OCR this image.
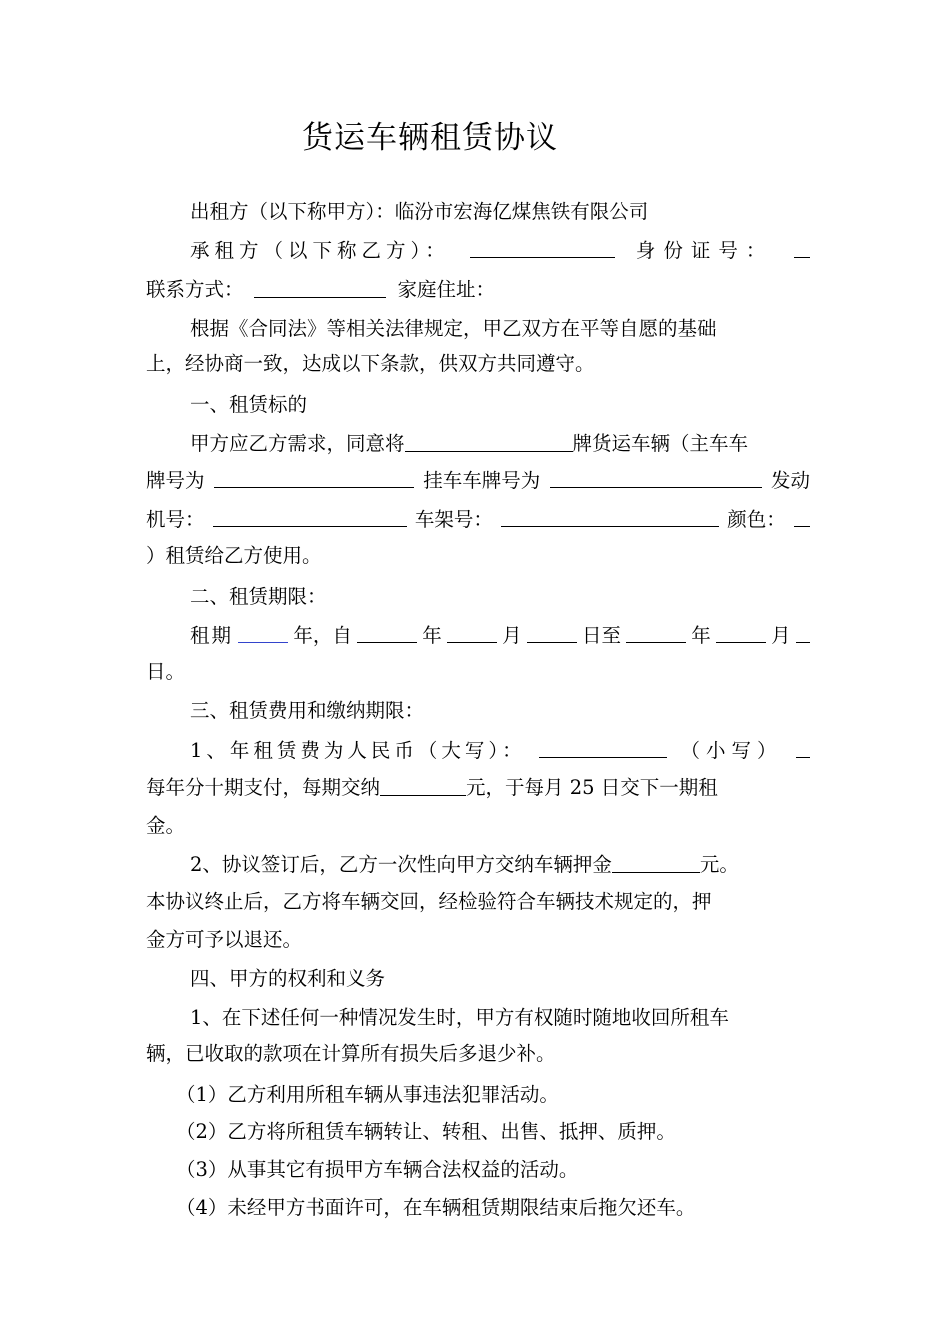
货运车辆租赁协议
出租方（以下称甲方）：临汾市宏海亿煤焦铁有限公司
承租方（以下称乙方）：	身份证号：
联系方式：	家庭住址：
根据《合同法》等相关法律规定，甲乙双方在平等自愿的基础
上，经协商一致，达成以下条款，供双方共同遵守。
一、租赁标的
甲方应乙方需求，同意将	牌货运车辆（主车车
牌号为	挂车车牌号为	发动
机号：	车架号：	颜色：
）租赁给乙方使用。
二、租赁期限：
租期	年，自	年	月	日至	年	月
日。
三、租赁费用和缴纳期限：
1、年租赁费为人民币（大写）：	（小写）
每年分十期支付，每期交纳	元，于每月 25 日交下一期租
金。
2、协议签订后，乙方一次性向甲方交纳车辆押金	元。
本协议终止后，乙方将车辆交回，经检验符合车辆技术规定的，押
金方可予以退还。
四、甲方的权利和义务
1、在下述任何一种情况发生时，甲方有权随时随地收回所租车
辆，已收取的款项在计算所有损失后多退少补。
（1）乙方利用所租车辆从事违法犯罪活动。
（2）乙方将所租赁车辆转让、转租、出售、抵押、质押。
（3）从事其它有损甲方车辆合法权益的活动。
（4）未经甲方书面许可，在车辆租赁期限结束后拖欠还车。
